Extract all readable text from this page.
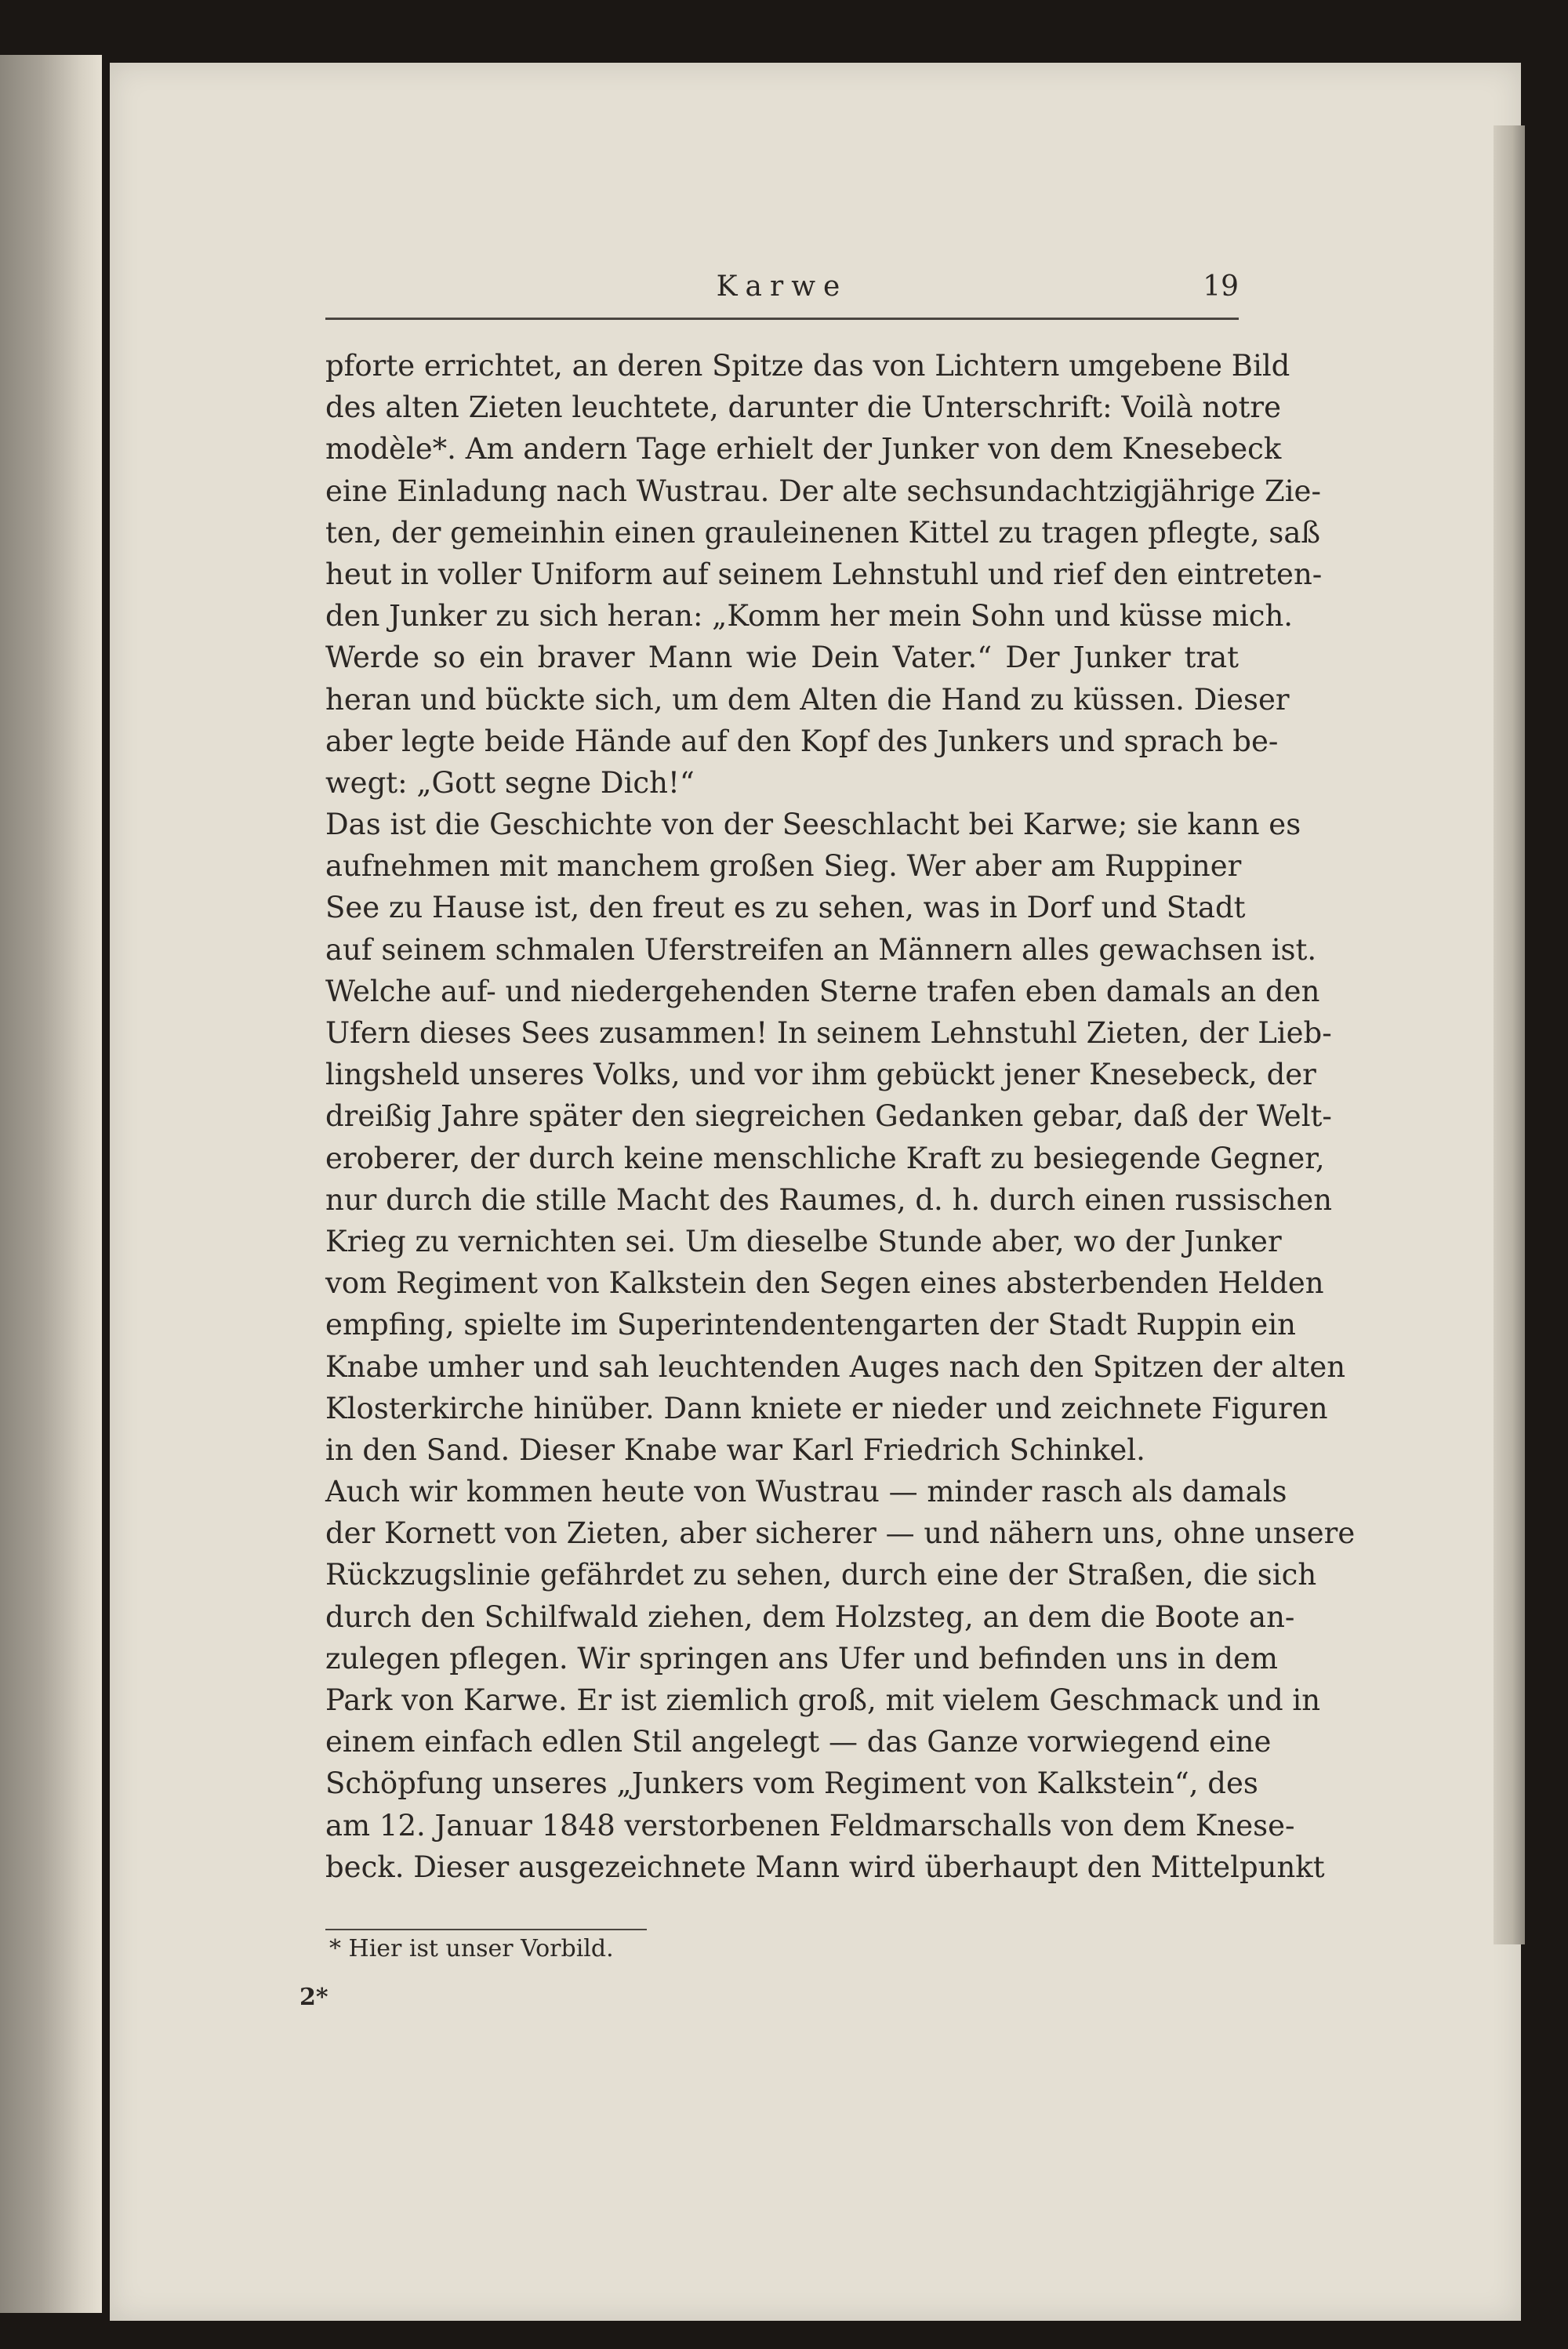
Karwe	19
pforte errichtet, an deren Spitze das von Lichtern umgebene Bild
des alten Zieten leuchtete, darunter die Unterschrift: Voilà notre
modèle*. Am andern Tage erhielt der Junker von dem Knesebeck
eine Einladung nach Wustrau. Der alte sechsundachtzigjährige Zie-
ten, der gemeinhin einen grauleinenen Kittel zu tragen pflegte, saß
heut in voller Uniform auf seinem Lehnstuhl und rief den eintreten-
den Junker zu sich heran: „Komm her mein Sohn und küsse mich.
Werde so ein braver Mann wie Dein Vater.“ Der Junker trat
heran und bückte sich, um dem Alten die Hand zu küssen. Dieser
aber legte beide Hände auf den Kopf des Junkers und sprach be-
wegt: „Gott segne Dich!“
Das ist die Geschichte von der Seeschlacht bei Karwe; sie kann es
aufnehmen mit manchem großen Sieg. Wer aber am Ruppiner
See zu Hause ist, den freut es zu sehen, was in Dorf und Stadt
auf seinem schmalen Uferstreifen an Männern alles gewachsen ist.
Welche auf- und niedergehenden Sterne trafen eben damals an den
Ufern dieses Sees zusammen! In seinem Lehnstuhl Zieten, der Lieb-
lingsheld unseres Volks, und vor ihm gebückt jener Knesebeck, der
dreißig Jahre später den siegreichen Gedanken gebar, daß der Welt-
eroberer, der durch keine menschliche Kraft zu besiegende Gegner,
nur durch die stille Macht des Raumes, d. h. durch einen russischen
Krieg zu vernichten sei. Um dieselbe Stunde aber, wo der Junker
vom Regiment von Kalkstein den Segen eines absterbenden Helden
empfing, spielte im Superintendentengarten der Stadt Ruppin ein
Knabe umher und sah leuchtenden Auges nach den Spitzen der alten
Klosterkirche hinüber. Dann kniete er nieder und zeichnete Figuren
in den Sand. Dieser Knabe war Karl Friedrich Schinkel.
Auch wir kommen heute von Wustrau — minder rasch als damals
der Kornett von Zieten, aber sicherer — und nähern uns, ohne unsere
Rückzugslinie gefährdet zu sehen, durch eine der Straßen, die sich
durch den Schilfwald ziehen, dem Holzsteg, an dem die Boote an-
zulegen pflegen. Wir springen ans Ufer und befinden uns in dem
Park von Karwe. Er ist ziemlich groß, mit vielem Geschmack und in
einem einfach edlen Stil angelegt — das Ganze vorwiegend eine
Schöpfung unseres „Junkers vom Regiment von Kalkstein“, des
am 12. Januar 1848 verstorbenen Feldmarschalls von dem Knese-
beck. Dieser ausgezeichnete Mann wird überhaupt den Mittelpunkt
* Hier ist unser Vorbild.
2*
